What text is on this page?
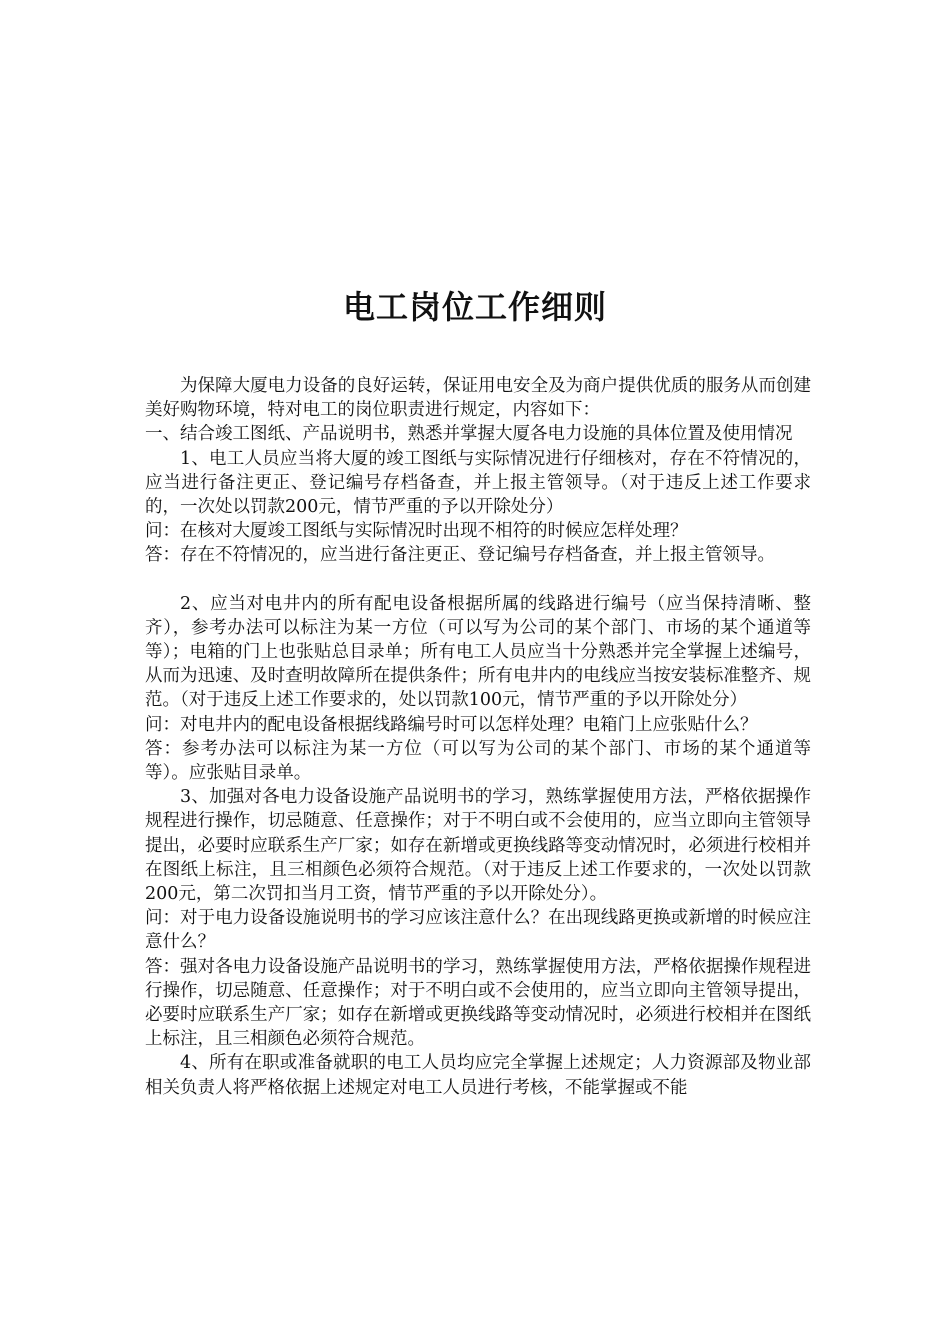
电工岗位工作细则

为保障大厦电力设备的良好运转，保证用电安全及为商户提供优质的服务从而创建美好购物环境，特对电工的岗位职责进行规定，内容如下：

一、结合竣工图纸、产品说明书，熟悉并掌握大厦各电力设施的具体位置及使用情况

1、电工人员应当将大厦的竣工图纸与实际情况进行仔细核对，存在不符情况的，应当进行备注更正、登记编号存档备查，并上报主管领导。（对于违反上述工作要求的，一次处以罚款200元，情节严重的予以开除处分）

问：在核对大厦竣工图纸与实际情况时出现不相符的时候应怎样处理？

答：存在不符情况的，应当进行备注更正、登记编号存档备查，并上报主管领导。

2、应当对电井内的所有配电设备根据所属的线路进行编号（应当保持清晰、整齐），参考办法可以标注为某一方位（可以写为公司的某个部门、市场的某个通道等等）；电箱的门上也张贴总目录单；所有电工人员应当十分熟悉并完全掌握上述编号，从而为迅速、及时查明故障所在提供条件；所有电井内的电线应当按安装标准整齐、规范。（对于违反上述工作要求的，处以罚款100元，情节严重的予以开除处分）

问：对电井内的配电设备根据线路编号时可以怎样处理？电箱门上应张贴什么？

答：参考办法可以标注为某一方位（可以写为公司的某个部门、市场的某个通道等等）。应张贴目录单。

3、加强对各电力设备设施产品说明书的学习，熟练掌握使用方法，严格依据操作规程进行操作，切忌随意、任意操作；对于不明白或不会使用的，应当立即向主管领导提出，必要时应联系生产厂家；如存在新增或更换线路等变动情况时，必须进行校相并在图纸上标注，且三相颜色必须符合规范。（对于违反上述工作要求的，一次处以罚款200元，第二次罚扣当月工资，情节严重的予以开除处分）。

问：对于电力设备设施说明书的学习应该注意什么？在出现线路更换或新增的时候应注意什么？

答：强对各电力设备设施产品说明书的学习，熟练掌握使用方法，严格依据操作规程进行操作，切忌随意、任意操作；对于不明白或不会使用的，应当立即向主管领导提出，必要时应联系生产厂家；如存在新增或更换线路等变动情况时，必须进行校相并在图纸上标注，且三相颜色必须符合规范。

4、所有在职或准备就职的电工人员均应完全掌握上述规定；人力资源部及物业部相关负责人将严格依据上述规定对电工人员进行考核，不能掌握或不能
